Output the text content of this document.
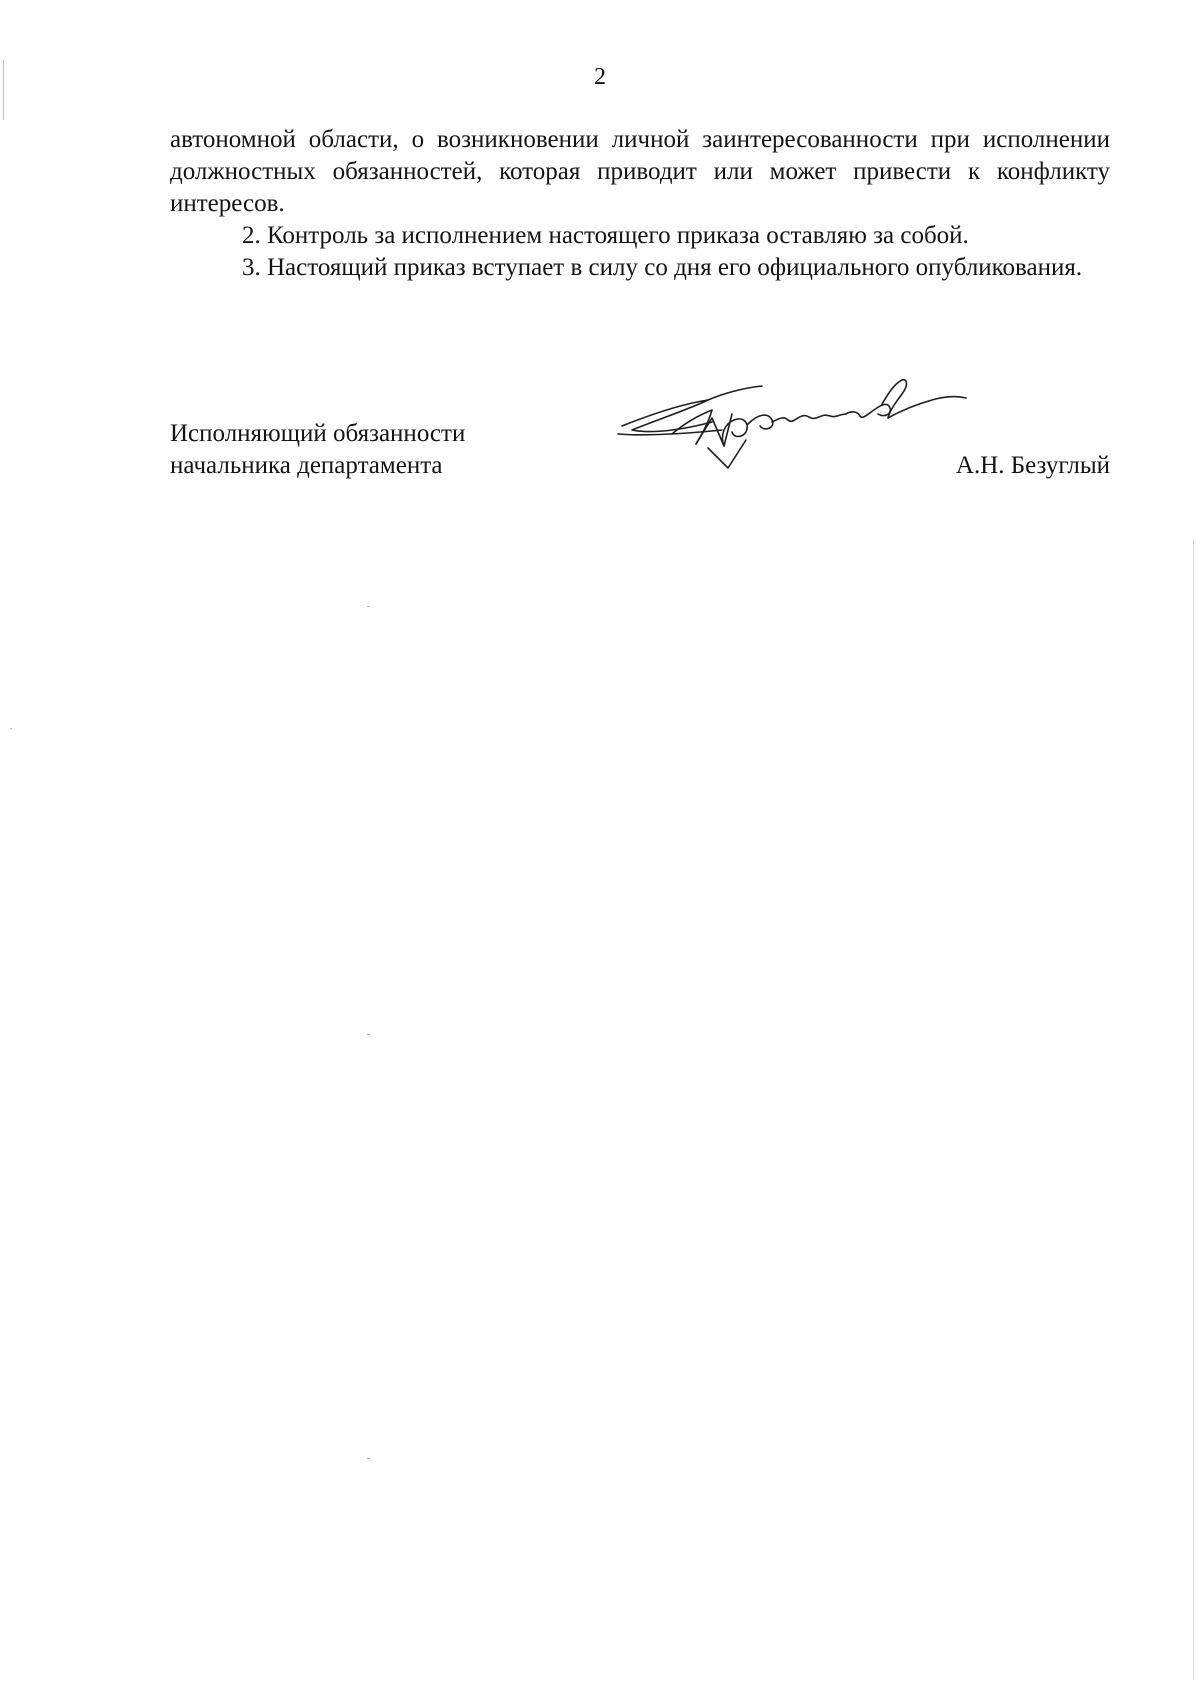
2

автономной области, о возникновении личной заинтересованности при исполнении должностных обязанностей, которая приводит или может привести к конфликту интересов.

2. Контроль за исполнением настоящего приказа оставляю за собой.

3. Настоящий приказ вступает в силу со дня его официального опубликования.

Исполняющий обязанности
начальника департамента	А.Н. Безуглый
